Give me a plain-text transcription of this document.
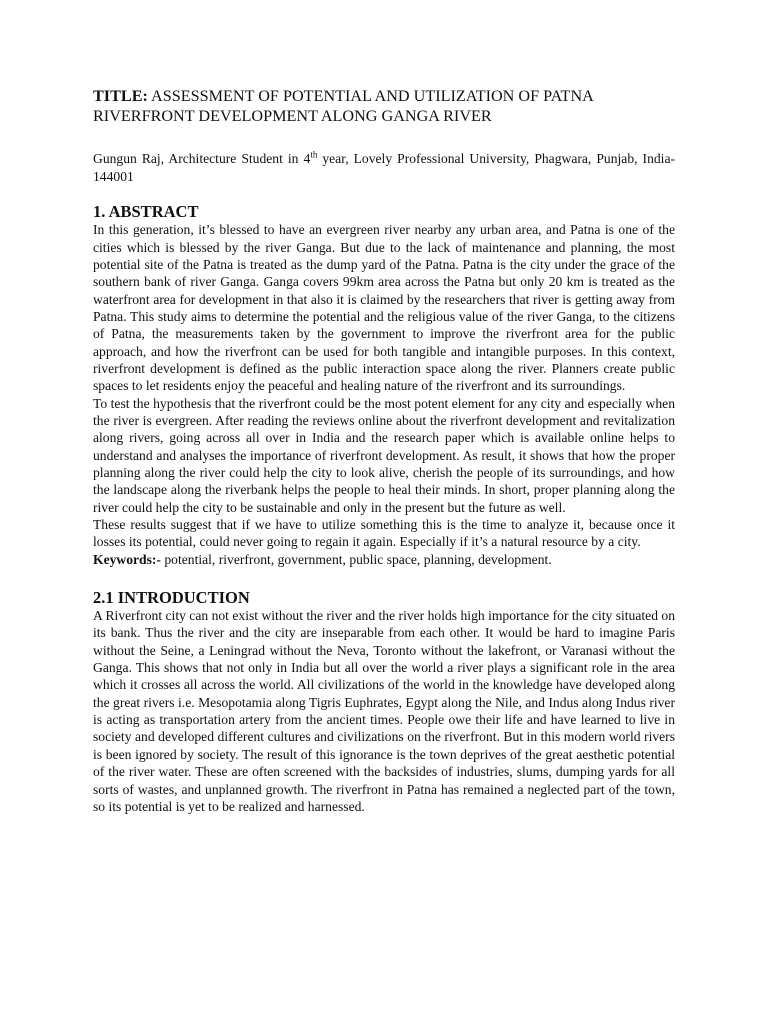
TITLE: ASSESSMENT OF POTENTIAL AND UTILIZATION OF PATNA RIVERFRONT DEVELOPMENT ALONG GANGA RIVER
Gungun Raj, Architecture Student in 4th year, Lovely Professional University, Phagwara, Punjab, India- 144001
1. ABSTRACT

In this generation, it’s blessed to have an evergreen river nearby any urban area, and Patna is one of the cities which is blessed by the river Ganga. But due to the lack of maintenance and planning, the most potential site of the Patna is treated as the dump yard of the Patna. Patna is the city under the grace of the southern bank of river Ganga. Ganga covers 99km area across the Patna but only 20 km is treated as the waterfront area for development in that also it is claimed by the researchers that river is getting away from Patna. This study aims to determine the potential and the religious value of the river Ganga, to the citizens of Patna, the measurements taken by the government to improve the riverfront area for the public approach, and how the riverfront can be used for both tangible and intangible purposes. In this context, riverfront development is defined as the public interaction space along the river. Planners create public spaces to let residents enjoy the peaceful and healing nature of the riverfront and its surroundings.

To test the hypothesis that the riverfront could be the most potent element for any city and especially when the river is evergreen. After reading the reviews online about the riverfront development and revitalization along rivers, going across all over in India and the research paper which is available online helps to understand and analyses the importance of riverfront development. As result, it shows that how the proper planning along the river could help the city to look alive, cherish the people of its surroundings, and how the landscape along the riverbank helps the people to heal their minds. In short, proper planning along the river could help the city to be sustainable and only in the present but the future as well.

These results suggest that if we have to utilize something this is the time to analyze it, because once it losses its potential, could never going to regain it again. Especially if it’s a natural resource by a city.

Keywords:- potential, riverfront, government, public space, planning, development.

2.1 INTRODUCTION

A Riverfront city can not exist without the river and the river holds high importance for the city situated on its bank. Thus the river and the city are inseparable from each other. It would be hard to imagine Paris without the Seine, a Leningrad without the Neva, Toronto without the lakefront, or Varanasi without the Ganga. This shows that not only in India but all over the world a river plays a significant role in the area which it crosses all across the world. All civilizations of the world in the knowledge have developed along the great rivers i.e. Mesopotamia along Tigris Euphrates, Egypt along the Nile, and Indus along Indus river is acting as transportation artery from the ancient times. People owe their life and have learned to live in society and developed different cultures and civilizations on the riverfront. But in this modern world rivers is been ignored by society. The result of this ignorance is the town deprives of the great aesthetic potential of the river water. These are often screened with the backsides of industries, slums, dumping yards for all sorts of wastes, and unplanned growth. The riverfront in Patna has remained a neglected part of the town, so its potential is yet to be realized and harnessed.
